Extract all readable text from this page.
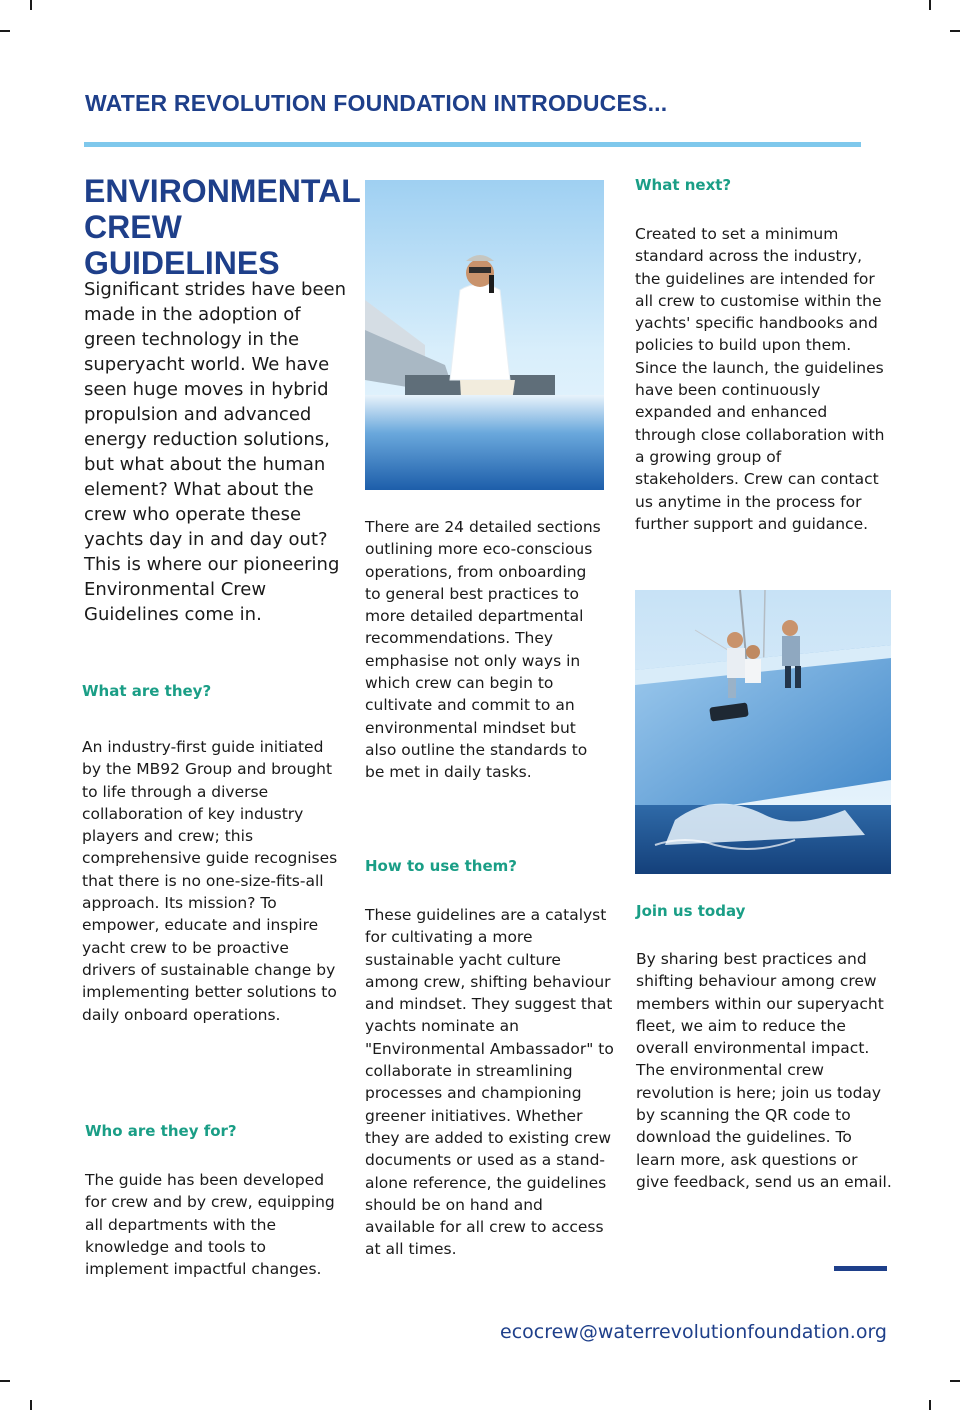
WATER REVOLUTION FOUNDATION INTRODUCES...
ENVIRONMENTAL
CREW GUIDELINES

Significant strides have been made in the adoption of green technology in the superyacht world. We have seen huge moves in hybrid propulsion and advanced energy reduction solutions, but what about the human element? What about the crew who operate these yachts day in and day out? This is where our pioneering Environmental Crew Guidelines come in.

What are they?

An industry-first guide initiated by the MB92 Group and brought to life through a diverse collaboration of key industry players and crew; this comprehensive guide recognises that there is no one-size-fits-all approach. Its mission? To empower, educate and inspire yacht crew to be proactive drivers of sustainable change by implementing better solutions to daily onboard operations.

Who are they for?

The guide has been developed for crew and by crew, equipping all departments with the knowledge and tools to implement impactful changes.

There are 24 detailed sections outlining more eco-conscious operations, from onboarding to general best practices to more detailed departmental recommendations. They emphasise not only ways in which crew can begin to cultivate and commit to an environmental mindset but also outline the standards to be met in daily tasks.

How to use them?

These guidelines are a catalyst for cultivating a more sustainable yacht culture among crew, shifting behaviour and mindset. They suggest that yachts nominate an "Environmental Ambassador" to collaborate in streamlining processes and championing greener initiatives. Whether they are added to existing crew documents or used as a stand-alone reference, the guidelines should be on hand and available for all crew to access at all times.

What next?

Created to set a minimum standard across the industry, the guidelines are intended for all crew to customise within the yachts' specific handbooks and policies to build upon them. Since the launch, the guidelines have been continuously expanded and enhanced through close collaboration with a growing group of stakeholders. Crew can contact us anytime in the process for further support and guidance.

Join us today

By sharing best practices and shifting behaviour among crew members within our superyacht fleet, we aim to reduce the overall environmental impact. The environmental crew revolution is here; join us today by scanning the QR code to download the guidelines. To learn more, ask questions or give feedback, send us an email.

ecocrew@waterrevolutionfoundation.org
